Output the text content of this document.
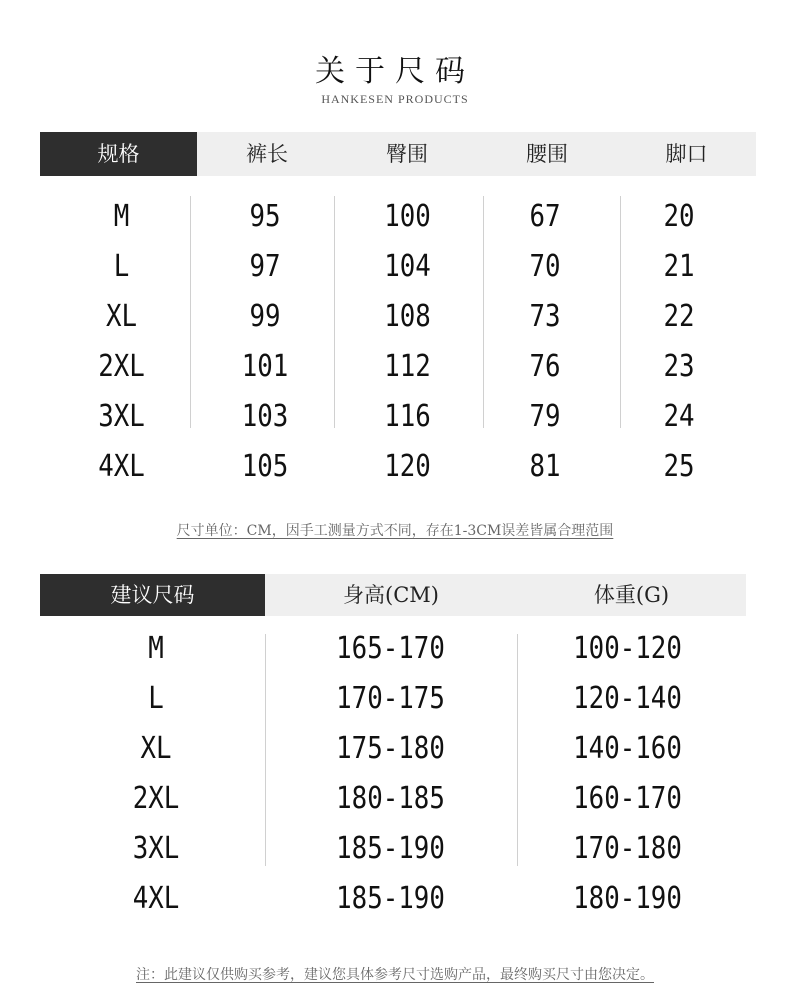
关于尺码
HANKESEN PRODUCTS
规格	裤长	臀围	腰围	脚口
M	95	100	67	20
L	97	104	70	21
XL	99	108	73	22
2XL	101	112	76	23
3XL	103	116	79	24
4XL	105	120	81	25
尺寸单位：CM，因手工测量方式不同，存在1-3CM误差皆属合理范围
建议尺码	身高(CM)	体重(G)
M	165-170	100-120
L	170-175	120-140
XL	175-180	140-160
2XL	180-185	160-170
3XL	185-190	170-180
4XL	185-190	180-190
注：此建议仅供购买参考，建议您具体参考尺寸选购产品，最终购买尺寸由您决定。
